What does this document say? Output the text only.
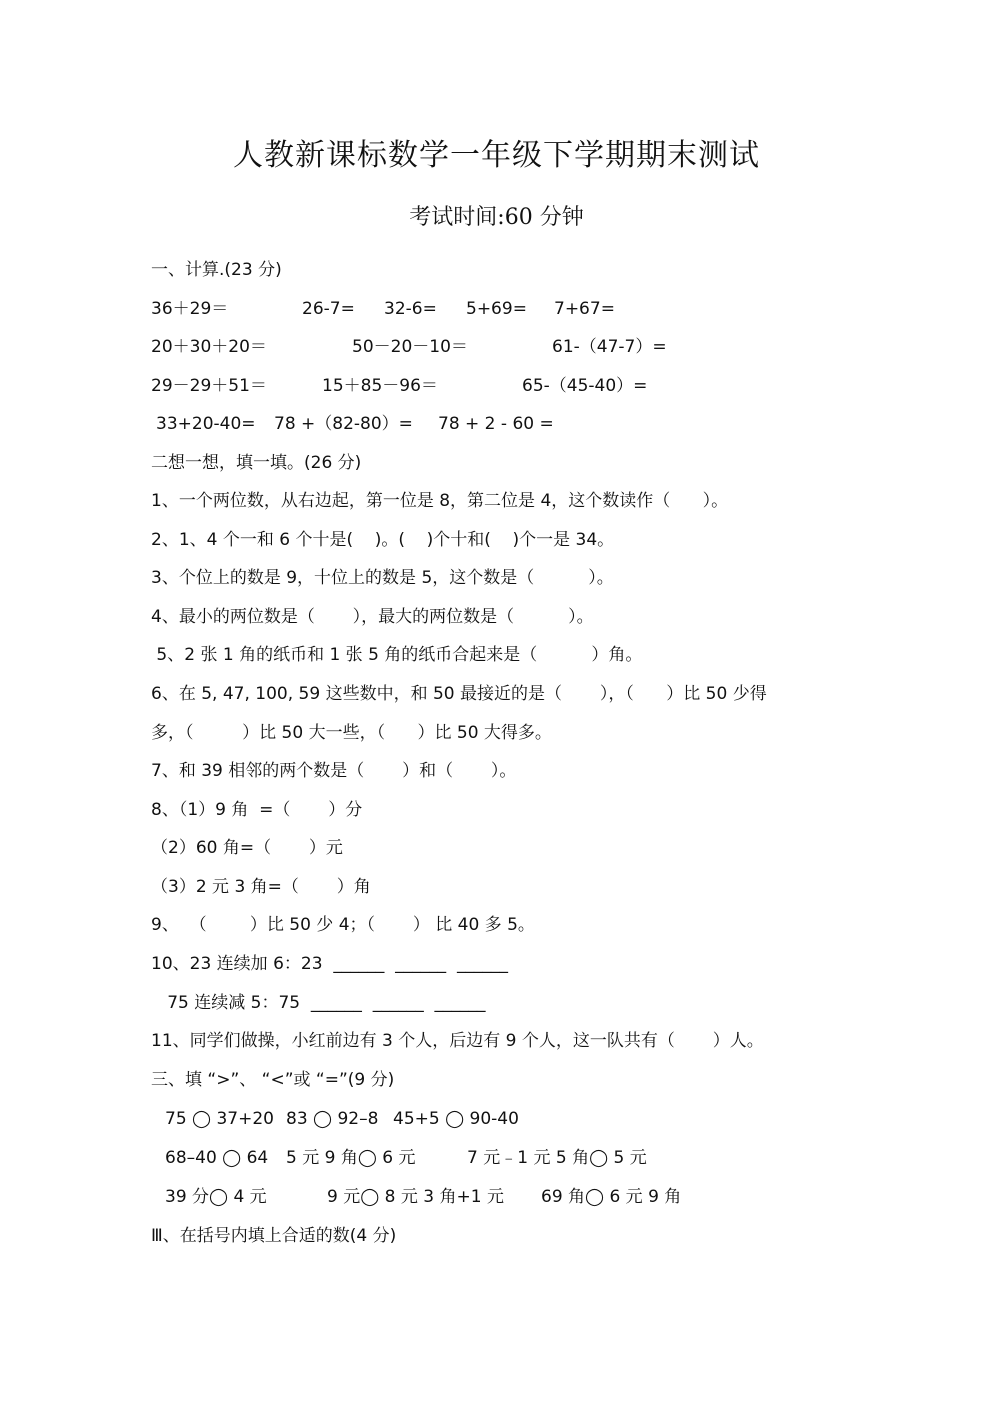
人教新课标数学一年级下学期期末测试
考试时间:60 分钟
一、计算.(23 分)
36＋29＝	26-7= 32-6= 5+69= 7+67=
20＋30＋20＝	50－20－10＝	61-（47-7）=
29－29＋51＝	15＋85－96＝	65-（45-40）=
33+20-40= 78 +（82-80）= 78 + 2 - 60 =
二想一想，填一填。(26 分)
1、一个两位数，从右边起，第一位是 8，第二位是 4，这个数读作（      ）。
2、1、4 个一和 6 个十是(    )。(    )个十和(    )个一是 34。
3、个位上的数是 9，十位上的数是 5，这个数是（          ）。
4、最小的两位数是（       ），最大的两位数是（          ）。
5、2 张 1 角的纸币和 1 张 5 角的纸币合起来是（          ）角。
6、在 5, 47, 100, 59 这些数中，和 50 最接近的是（       ），（      ）比 50 少得
多，（         ）比 50 大一些，（      ）比 50 大得多。
7、和 39 相邻的两个数是（       ）和（       ）。
8、（1）9 角  =（       ）分
（2）60 角=（       ）元
（3）2 元 3 角=（       ）角
9、  （        ）比 50 少 4；（       ） 比 40 多 5。
10、23 连续加 6：23  ______  ______  ______
75 连续减 5：75  ______  ______  ______
11、同学们做操，小红前边有 3 个人，后边有 9 个人，这一队共有（       ）人。
三、填 “>”、 “<”或 “=”(9 分)
75 ◯ 37+20 83 ◯ 92–8 45+5 ◯ 90-40
68–40 ◯ 64 5 元 9 角◯ 6 元	7 元﹣1 元 5 角◯ 5 元
39 分◯ 4 元	9 元◯ 8 元 3 角+1 元 69 角◯ 6 元 9 角
Ⅲ、在括号内填上合适的数(4 分)
